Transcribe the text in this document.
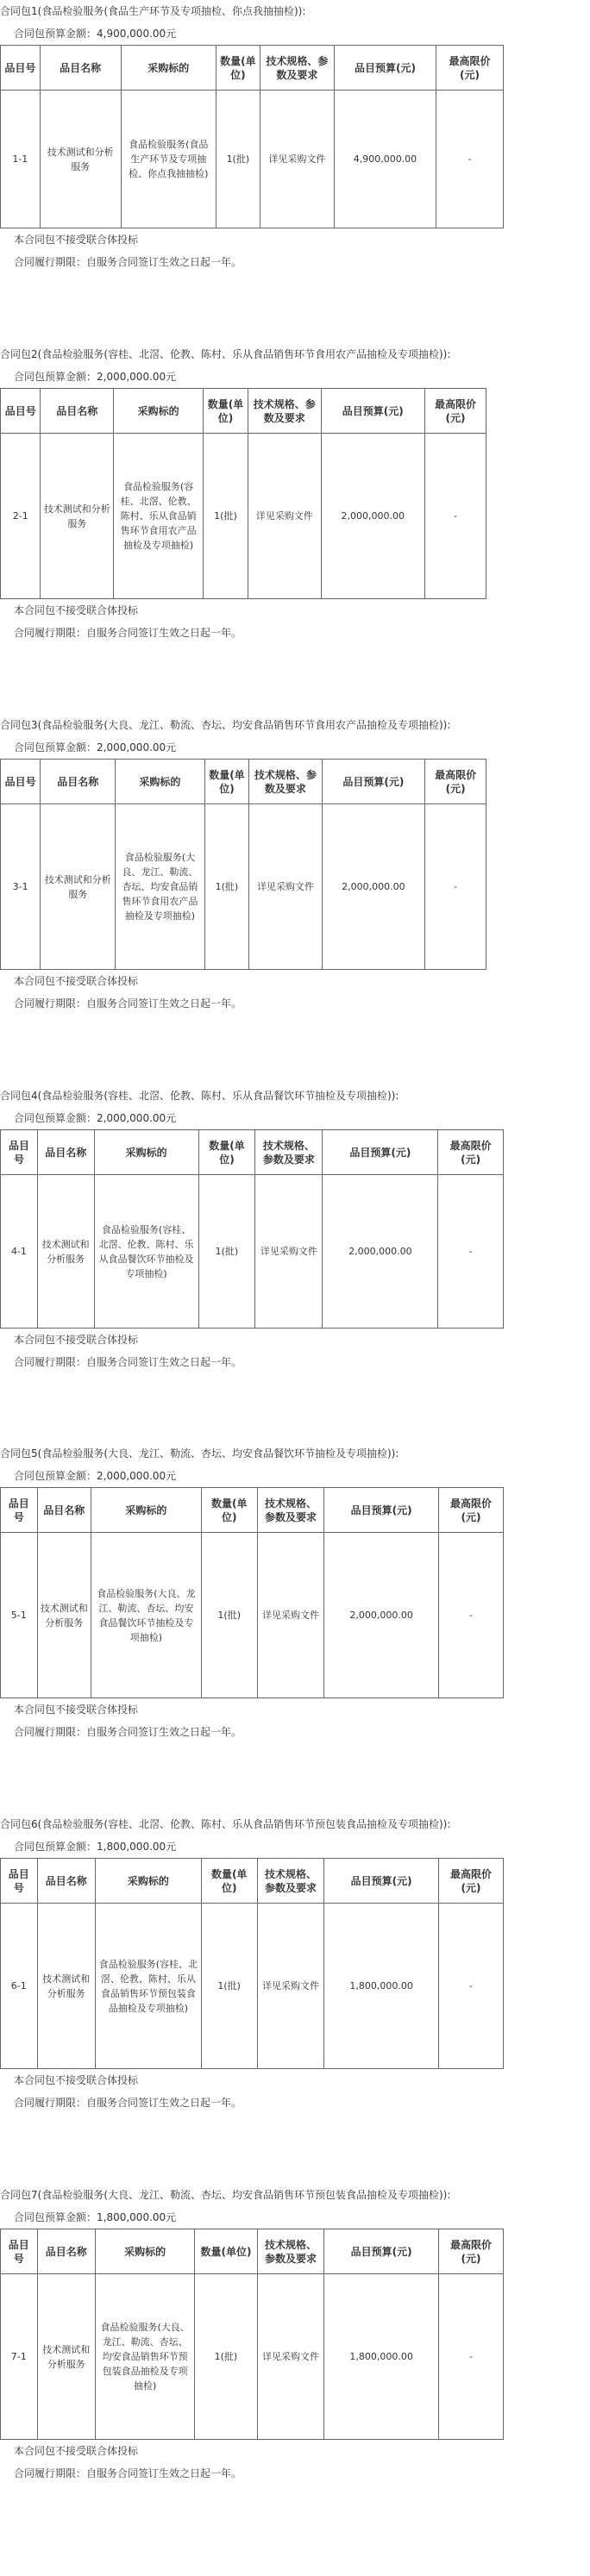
合同包1(食品检验服务(食品生产环节及专项抽检、你点我抽抽检)):
合同包预算金额：4,900,000.00元
品目号	品目名称	采购标的	数量(单位)	技术规格、参数及要求	品目预算(元)	最高限价(元)
1-1	技术测试和分析服务	食品检验服务(食品生产环节及专项抽检、你点我抽抽检)	1(批)	详见采购文件	4,900,000.00	-
本合同包不接受联合体投标
合同履行期限：自服务合同签订生效之日起一年。
合同包2(食品检验服务(容桂、北滘、伦教、陈村、乐从食品销售环节食用农产品抽检及专项抽检)):
合同包预算金额：2,000,000.00元
品目号	品目名称	采购标的	数量(单位)	技术规格、参数及要求	品目预算(元)	最高限价(元)
2-1	技术测试和分析服务	食品检验服务(容桂、北滘、伦教、陈村、乐从食品销售环节食用农产品抽检及专项抽检)	1(批)	详见采购文件	2,000,000.00	-
本合同包不接受联合体投标
合同履行期限：自服务合同签订生效之日起一年。
合同包3(食品检验服务(大良、龙江、勒流、杏坛、均安食品销售环节食用农产品抽检及专项抽检)):
合同包预算金额：2,000,000.00元
品目号	品目名称	采购标的	数量(单位)	技术规格、参数及要求	品目预算(元)	最高限价(元)
3-1	技术测试和分析服务	食品检验服务(大良、龙江、勒流、杏坛、均安食品销售环节食用农产品抽检及专项抽检)	1(批)	详见采购文件	2,000,000.00	-
本合同包不接受联合体投标
合同履行期限：自服务合同签订生效之日起一年。
合同包4(食品检验服务(容桂、北滘、伦教、陈村、乐从食品餐饮环节抽检及专项抽检)):
合同包预算金额：2,000,000.00元
品目号	品目名称	采购标的	数量(单位)	技术规格、参数及要求	品目预算(元)	最高限价(元)
4-1	技术测试和分析服务	食品检验服务(容桂、北滘、伦教、陈村、乐从食品餐饮环节抽检及专项抽检)	1(批)	详见采购文件	2,000,000.00	-
本合同包不接受联合体投标
合同履行期限：自服务合同签订生效之日起一年。
合同包5(食品检验服务(大良、龙江、勒流、杏坛、均安食品餐饮环节抽检及专项抽检)):
合同包预算金额：2,000,000.00元
品目号	品目名称	采购标的	数量(单位)	技术规格、参数及要求	品目预算(元)	最高限价(元)
5-1	技术测试和分析服务	食品检验服务(大良、龙江、勒流、杏坛、均安食品餐饮环节抽检及专项抽检)	1(批)	详见采购文件	2,000,000.00	-
本合同包不接受联合体投标
合同履行期限：自服务合同签订生效之日起一年。
合同包6(食品检验服务(容桂、北滘、伦教、陈村、乐从食品销售环节预包装食品抽检及专项抽检)):
合同包预算金额：1,800,000.00元
品目号	品目名称	采购标的	数量(单位)	技术规格、参数及要求	品目预算(元)	最高限价(元)
6-1	技术测试和分析服务	食品检验服务(容桂、北滘、伦教、陈村、乐从食品销售环节预包装食品抽检及专项抽检)	1(批)	详见采购文件	1,800,000.00	-
本合同包不接受联合体投标
合同履行期限：自服务合同签订生效之日起一年。
合同包7(食品检验服务(大良、龙江、勒流、杏坛、均安食品销售环节预包装食品抽检及专项抽检)):
合同包预算金额：1,800,000.00元
品目号	品目名称	采购标的	数量(单位)	技术规格、参数及要求	品目预算(元)	最高限价(元)
7-1	技术测试和分析服务	食品检验服务(大良、龙江、勒流、杏坛、均安食品销售环节预包装食品抽检及专项抽检)	1(批)	详见采购文件	1,800,000.00	-
本合同包不接受联合体投标
合同履行期限：自服务合同签订生效之日起一年。
